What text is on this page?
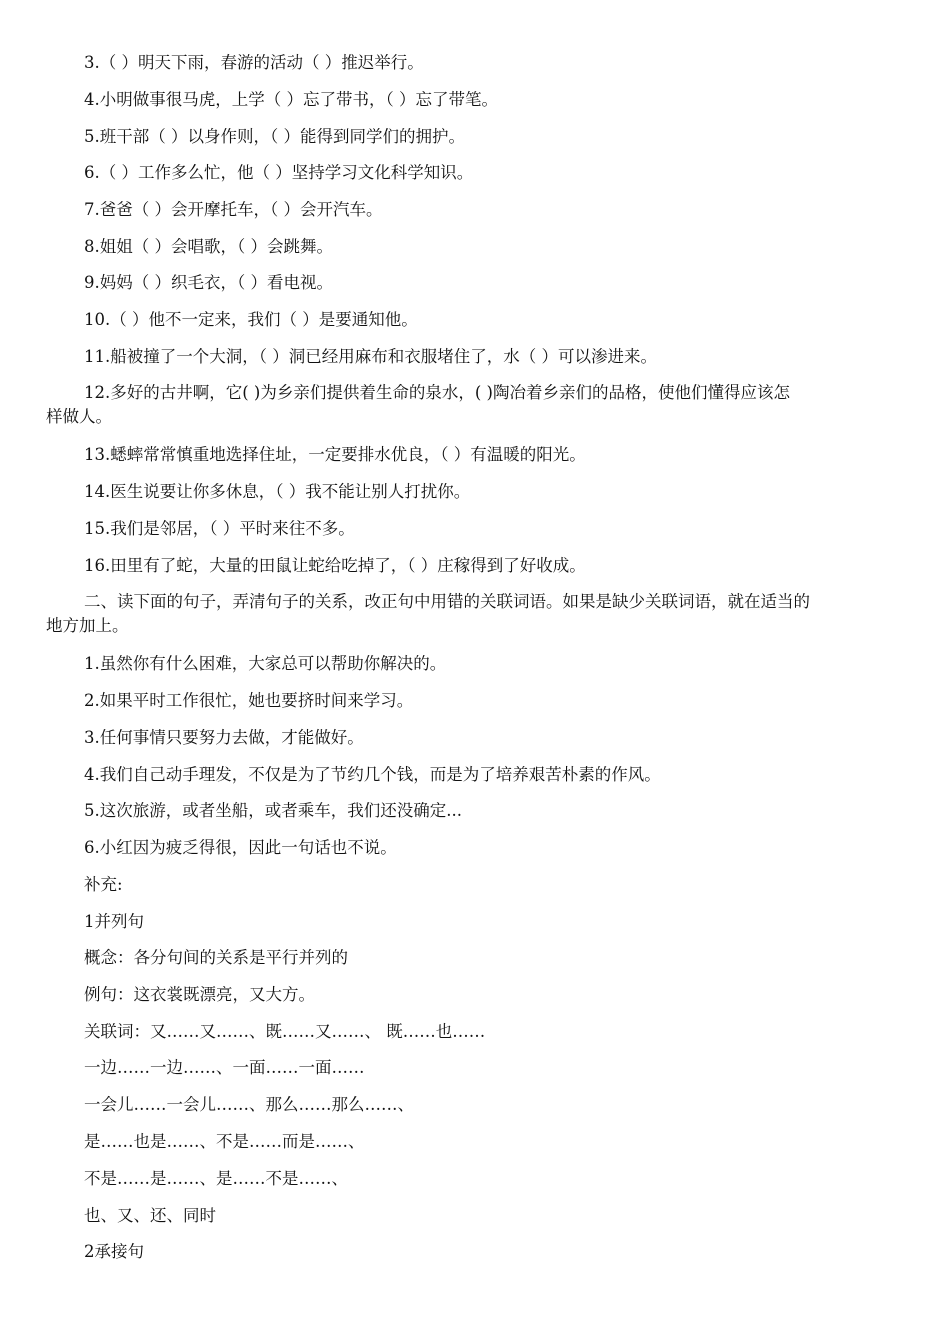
3.（ ）明天下雨，春游的活动（ ）推迟举行。
4.小明做事很马虎，上学（ ）忘了带书，（ ）忘了带笔。
5.班干部（ ）以身作则，（ ）能得到同学们的拥护。
6.（ ）工作多么忙，他（ ）坚持学习文化科学知识。
7.爸爸（ ）会开摩托车，（ ）会开汽车。
8.姐姐（ ）会唱歌，（ ）会跳舞。
9.妈妈（ ）织毛衣，（ ）看电视。
10.（ ）他不一定来，我们（ ）是要通知他。
11.船被撞了一个大洞，（ ）洞已经用麻布和衣服堵住了，水（ ）可以渗进来。
12.多好的古井啊，它( )为乡亲们提供着生命的泉水，( )陶冶着乡亲们的品格，使他们懂得应该怎
样做人。
13.蟋蟀常常慎重地选择住址，一定要排水优良，（ ）有温暖的阳光。
14.医生说要让你多休息，（ ）我不能让别人打扰你。
15.我们是邻居，（ ）平时来往不多。
16.田里有了蛇，大量的田鼠让蛇给吃掉了，（ ）庄稼得到了好收成。
二、读下面的句子，弄清句子的关系，改正句中用错的关联词语。如果是缺少关联词语，就在适当的
地方加上。
1.虽然你有什么困难，大家总可以帮助你解决的。
2.如果平时工作很忙，她也要挤时间来学习。
3.任何事情只要努力去做，才能做好。
4.我们自己动手理发，不仅是为了节约几个钱，而是为了培养艰苦朴素的作风。
5.这次旅游，或者坐船，或者乘车，我们还没确定...
6.小红因为疲乏得很，因此一句话也不说。
补充:
1并列句
概念：各分句间的关系是平行并列的
例句：这衣裳既漂亮，又大方。
关联词：又……又……、既……又……、 既……也……
一边……一边……、一面……一面……
一会儿……一会儿……、那么……那么……、
是……也是……、不是……而是……、
不是……是……、是……不是……、
也、又、还、同时
2承接句
